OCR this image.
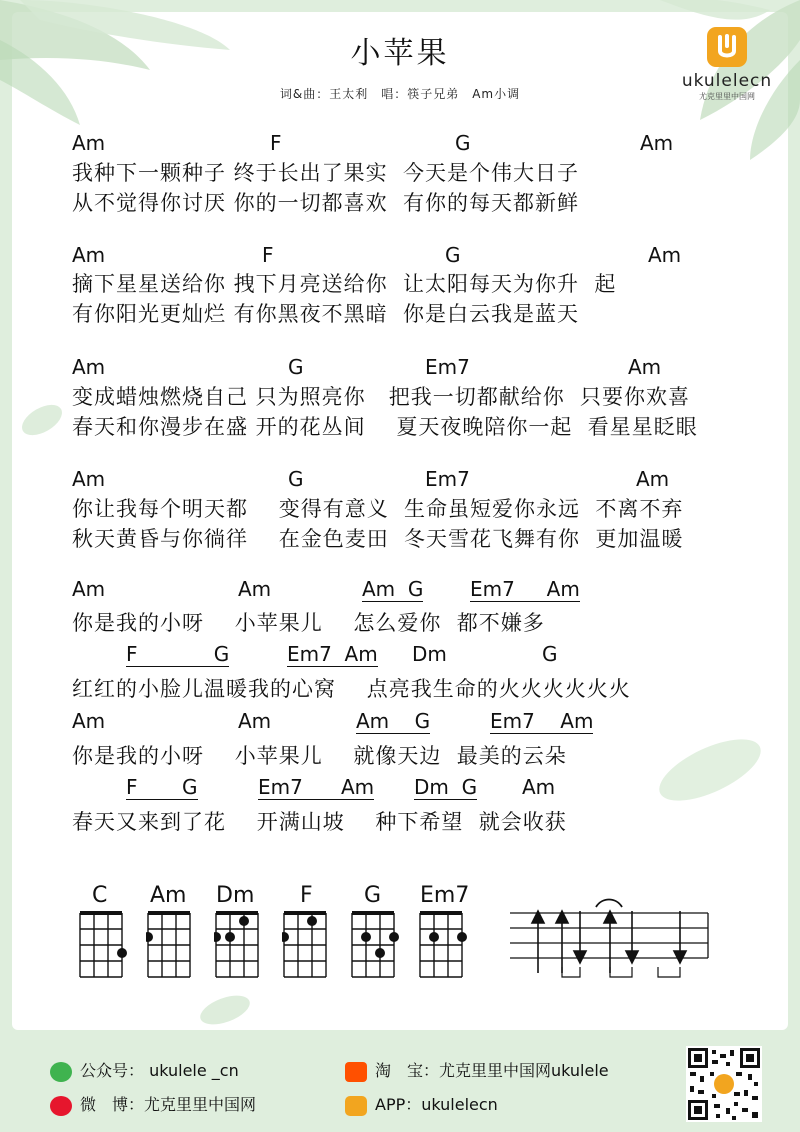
小苹果
词&曲：王太利　唱：筷子兄弟　Am小调
ukulelecn
尤克里里中国网
Am	F	G	Am
我种下一颗种子 终于长出了果实  今天是个伟大日子
从不觉得你讨厌 你的一切都喜欢  有你的每天都新鲜
Am	F	G	Am
摘下星星送给你 拽下月亮送给你  让太阳每天为你升  起
有你阳光更灿烂 有你黑夜不黑暗  你是白云我是蓝天
Am	G	Em7	Am
变成蜡烛燃烧自己 只为照亮你   把我一切都献给你  只要你欢喜
春天和你漫步在盛 开的花丛间    夏天夜晚陪你一起  看星星眨眼
Am	G	Em7	Am
你让我每个明天都    变得有意义  生命虽短爱你永远  不离不弃
秋天黄昏与你徜徉    在金色麦田  冬天雪花飞舞有你  更加温暖
Am	Am	Am  G Em7     Am
你是我的小呀    小苹果儿    怎么爱你  都不嫌多
F            G	Em7  Am Dm	G
红红的小脸儿温暖我的心窝    点亮我生命的火火火火火火
Am	Am	Am    G	Em7    Am
你是我的小呀    小苹果儿    就像天边  最美的云朵
F       G	Em7      Am Dm  G Am
春天又来到了花    开满山坡    种下希望  就会收获
C Am Dm F G Em7
公众号： ukulele _cn
微　博：尤克里里中国网
淘　宝：尤克里里中国网ukulele
APP：ukulelecn
